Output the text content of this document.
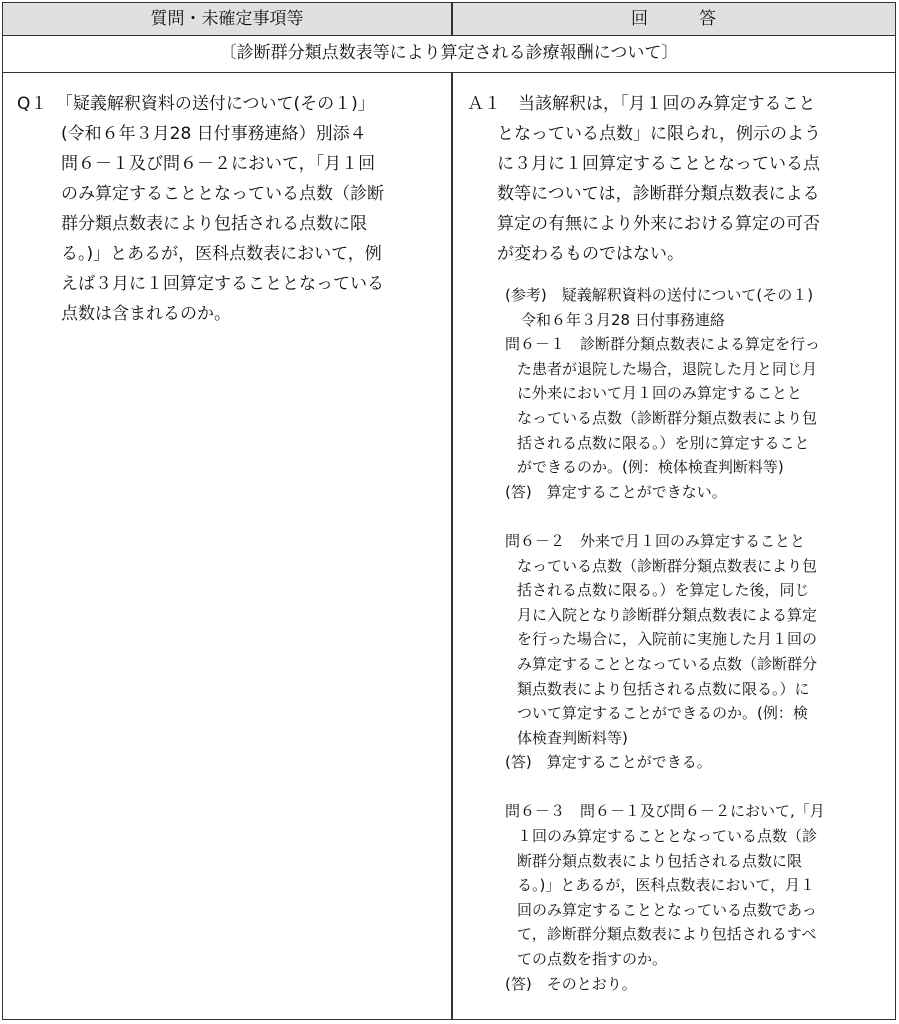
質問・未確定事項等	回　　　答
〔診断群分類点数表等により算定される診療報酬について〕
Q１　「疑義解釈資料の送付について(その１)」
(令和６年３月28 日付事務連絡）別添４
問６－１及び問６－２において，「月１回
のみ算定することとなっている点数（診断
群分類点数表により包括される点数に限
る。)」とあるが，医科点数表において，例
えば３月に１回算定することとなっている
点数は含まれるのか。
Ａ１　当該解釈は，「月１回のみ算定すること
となっている点数」に限られ，例示のよう
に３月に１回算定することとなっている点
数等については，診断群分類点数表による
算定の有無により外来における算定の可否
が変わるものではない。
(参考)　疑義解釈資料の送付について(その１)
令和６年３月28 日付事務連絡
問６－１　診断群分類点数表による算定を行っ
た患者が退院した場合，退院した月と同じ月
に外来において月１回のみ算定することと
なっている点数（診断群分類点数表により包
括される点数に限る。）を別に算定すること
ができるのか。(例：検体検査判断料等)
(答)　算定することができない。
問６－２　外来で月１回のみ算定することと
なっている点数（診断群分類点数表により包
括される点数に限る。）を算定した後，同じ
月に入院となり診断群分類点数表による算定
を行った場合に，入院前に実施した月１回の
み算定することとなっている点数（診断群分
類点数表により包括される点数に限る。）に
ついて算定することができるのか。(例：検
体検査判断料等)
(答)　算定することができる。
問６－３　問６－１及び問６－２において,「月
１回のみ算定することとなっている点数（診
断群分類点数表により包括される点数に限
る。)」とあるが，医科点数表において，月１
回のみ算定することとなっている点数であっ
て，診断群分類点数表により包括されるすべ
ての点数を指すのか。
(答)　そのとおり。
